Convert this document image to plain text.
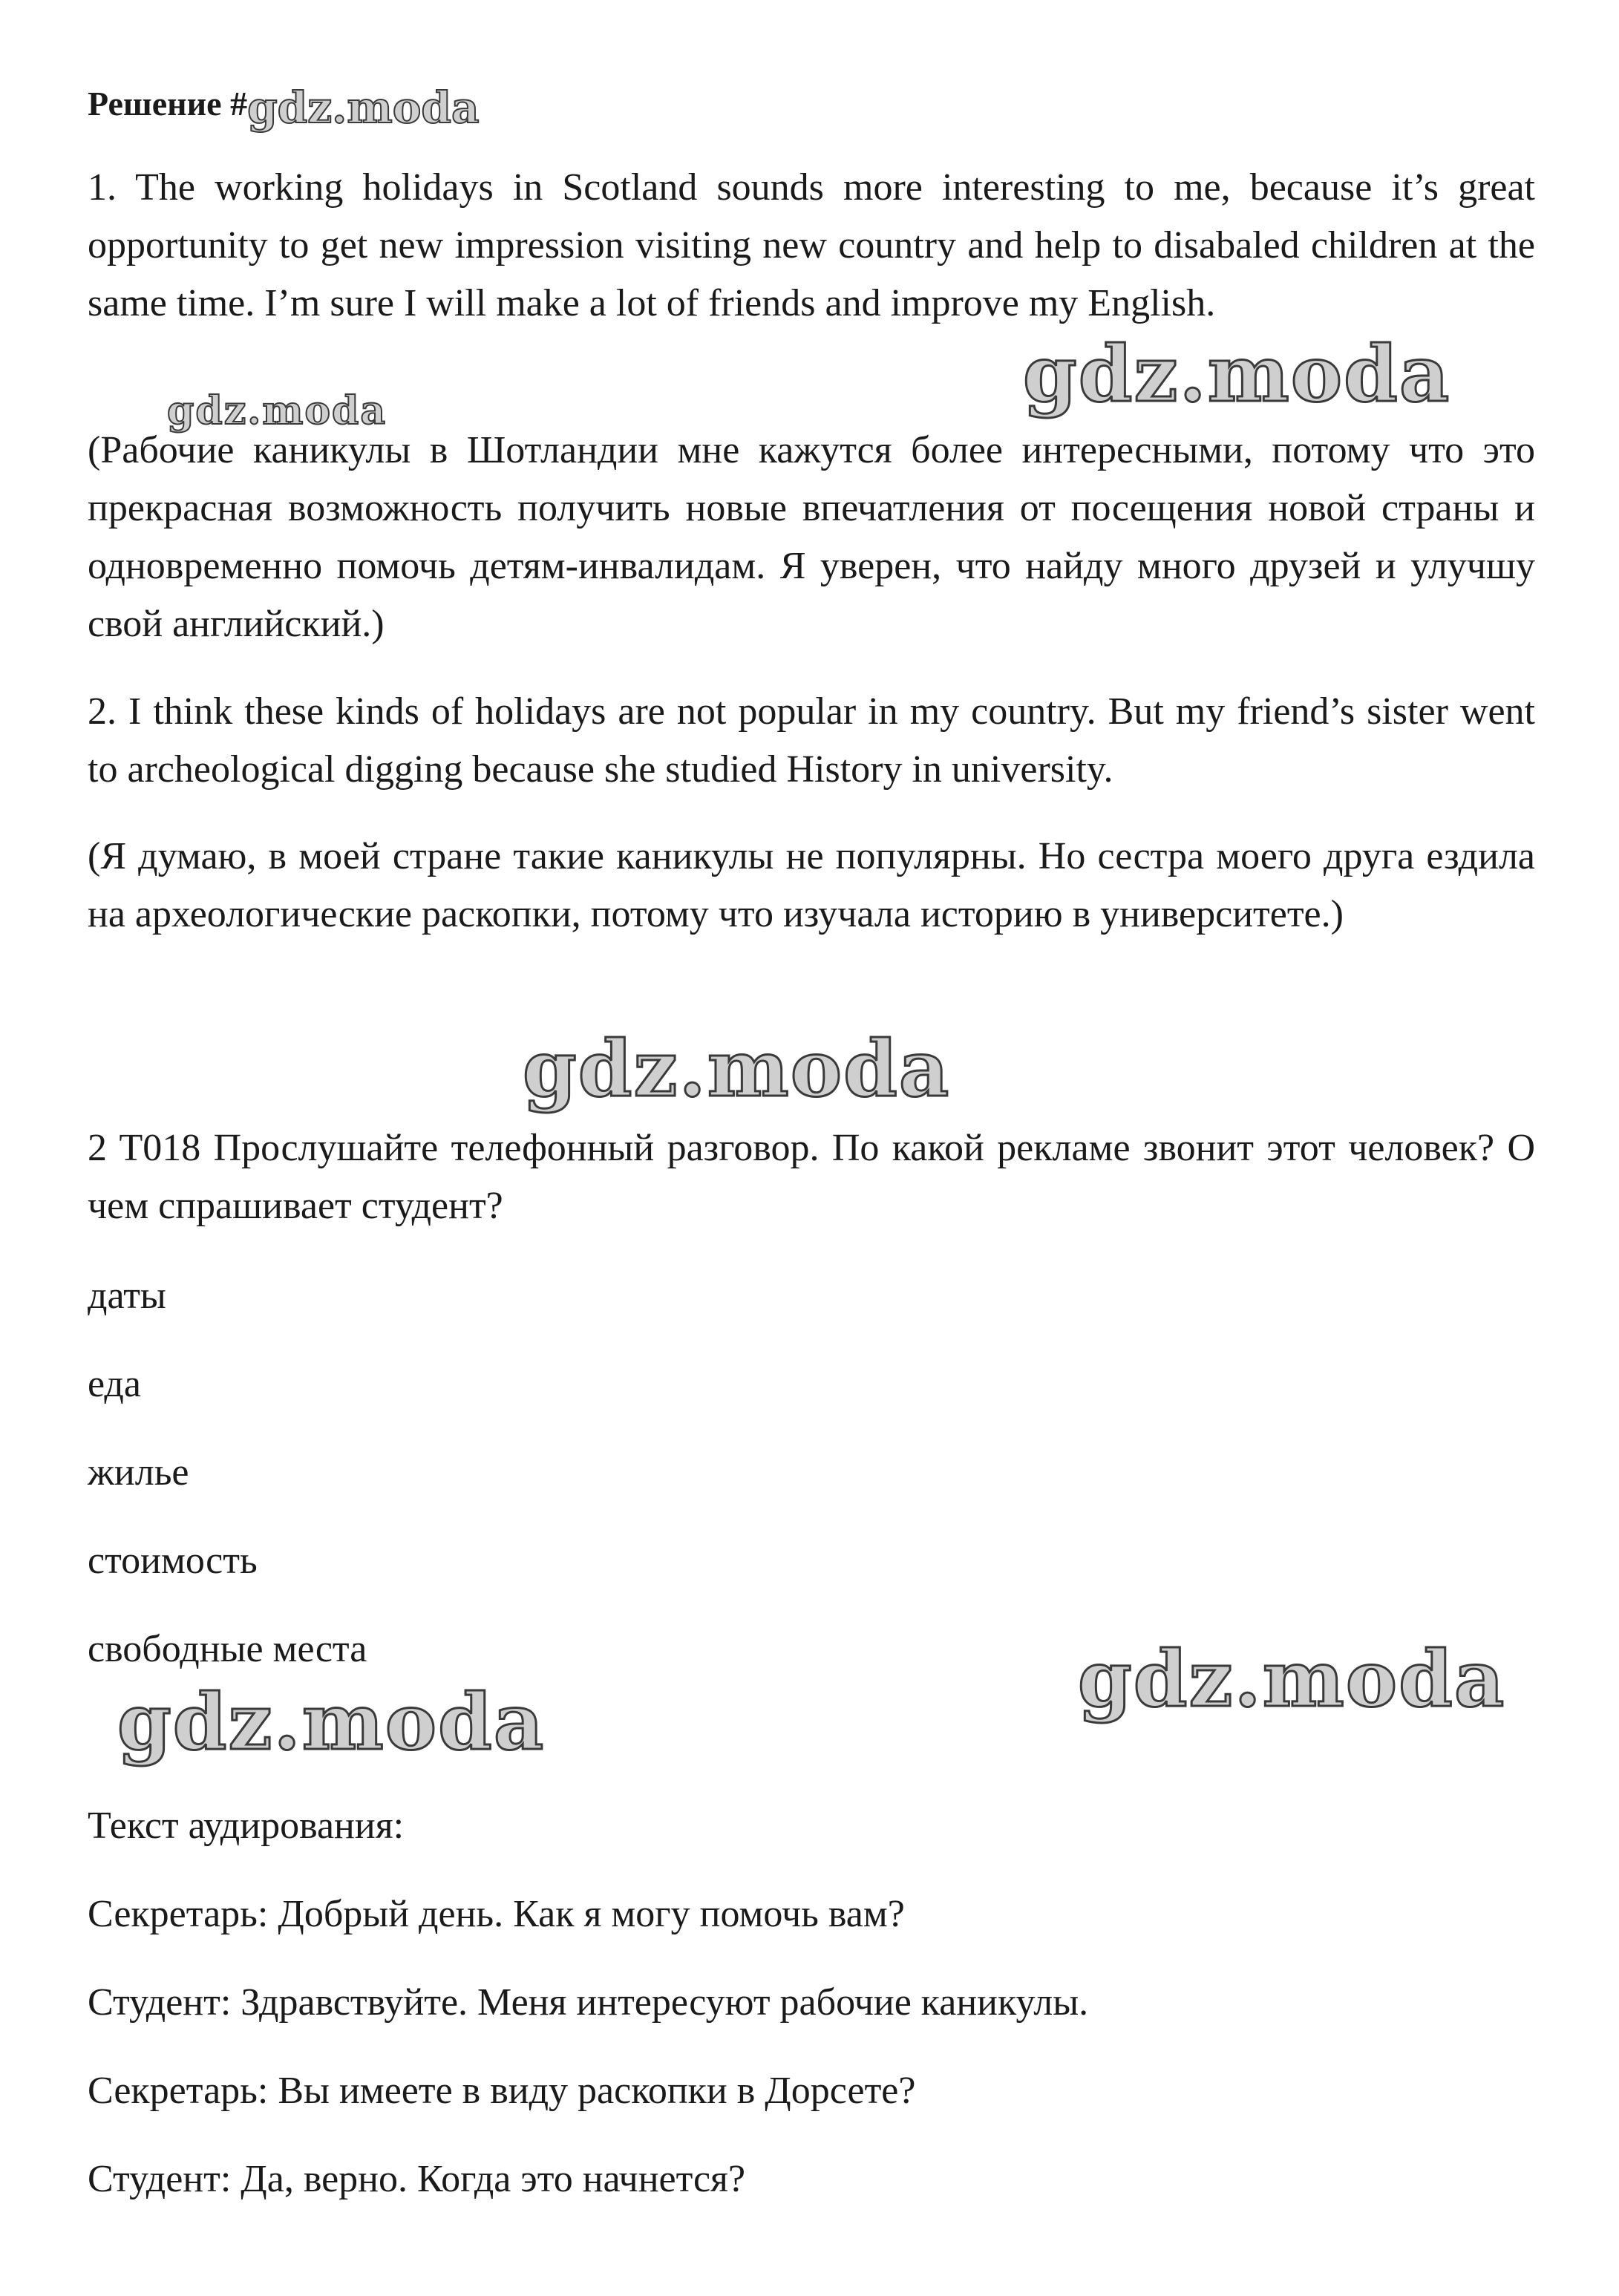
Решение #gdz.moda

1. The working holidays in Scotland sounds more interesting to me, because it’s great opportunity to get new impression visiting new country and help to disabaled children at the same time. I’m sure I will make a lot of friends and improve my English.

(Рабочие каникулы в Шотландии мне кажутся более интересными, потому что это прекрасная возможность получить новые впечатления от посещения новой страны и одновременно помочь детям-инвалидам. Я уверен, что найду много друзей и улучшу свой английский.)

2. I think these kinds of holidays are not popular in my country. But my friend’s sister went to archeological digging because she studied History in university.

(Я думаю, в моей стране такие каникулы не популярны. Но сестра моего друга ездила на археологические раскопки, потому что изучала историю в университете.)

2 T018 Прослушайте телефонный разговор. По какой рекламе звонит этот человек? О чем спрашивает студент?

даты

еда

жилье

стоимость

свободные места

Текст аудирования:

Секретарь: Добрый день. Как я могу помочь вам?

Студент: Здравствуйте. Меня интересуют рабочие каникулы.

Секретарь: Вы имеете в виду раскопки в Дорсете?

Студент: Да, верно. Когда это начнется?

gdz.moda	gdz.moda
gdz.moda
gdz.moda
gdz.moda
